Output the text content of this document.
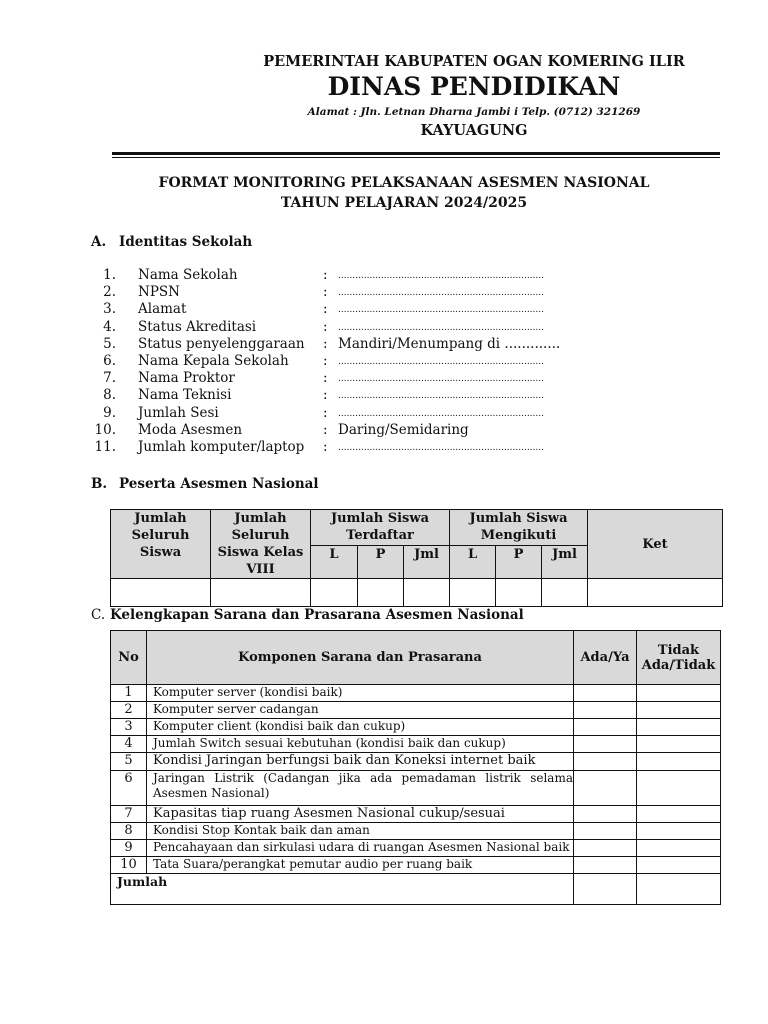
PEMERINTAH KABUPATEN OGAN KOMERING ILIR
DINAS PENDIDIKAN
Alamat : Jln. Letnan Dharna Jambi i Telp. (0712) 321269
KAYUAGUNG
FORMAT MONITORING PELAKSANAAN ASESMEN NASIONAL
TAHUN PELAJARAN 2024/2025
A. Identitas Sekolah
1. Nama Sekolah	: ........................................................................
2. NPSN	: ........................................................................
3. Alamat	: ........................................................................
4. Status Akreditasi	: ........................................................................
5. Status penyelenggaraan : Mandiri/Menumpang di .............
6. Nama Kepala Sekolah	: ........................................................................
7. Nama Proktor	: ........................................................................
8. Nama Teknisi	: ........................................................................
9. Jumlah Sesi	: ........................................................................
10. Moda Asesmen	: Daring/Semidaring
11. Jumlah komputer/laptop : ........................................................................
B. Peserta Asesmen Nasional
Jumlah Seluruh Siswa	Jumlah Seluruh Siswa Kelas VIII	Jumlah Siswa Terdaftar			Jumlah Siswa Mengikuti			Ket
		L	P	Jml	L	P	Jml	

C. Kelengkapan Sarana dan Prasarana Asesmen Nasional
No	Komponen Sarana dan Prasarana	Ada/Ya	Tidak Ada/Tidak
1	Komputer server (kondisi baik)		
2	Komputer server cadangan		
3	Komputer client (kondisi baik dan cukup)		
4	Jumlah Switch sesuai kebutuhan (kondisi baik dan cukup)		
5	Kondisi Jaringan berfungsi baik dan Koneksi internet baik		
6	Jaringan Listrik (Cadangan jika ada pemadaman listrik selama Asesmen Nasional)		
7	Kapasitas tiap ruang Asesmen Nasional cukup/sesuai		
8	Kondisi Stop Kontak baik dan aman		
9	Pencahayaan dan sirkulasi udara di ruangan Asesmen Nasional baik		
10	Tata Suara/perangkat pemutar audio per ruang baik		
Jumlah			
